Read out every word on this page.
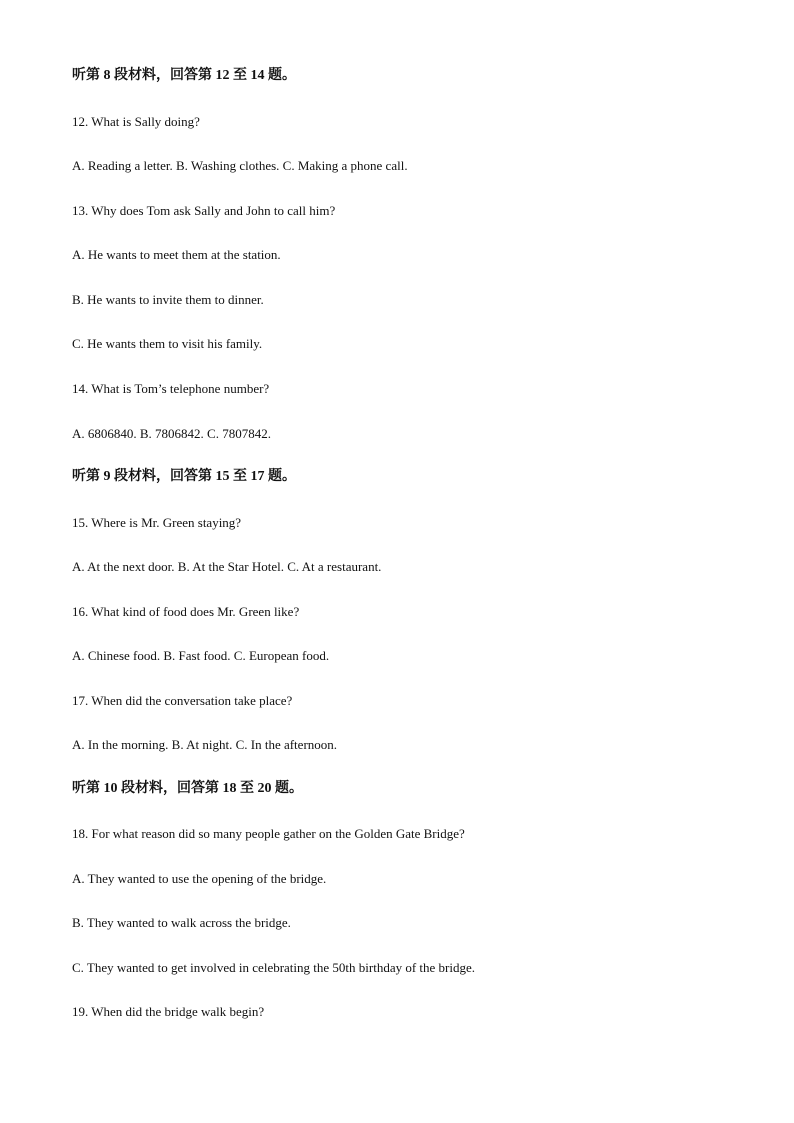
听第 8 段材料，回答第 12 至 14 题。
12. What is Sally doing?
A. Reading a letter. B. Washing clothes. C. Making a phone call.
13. Why does Tom ask Sally and John to call him?
A. He wants to meet them at the station.
B. He wants to invite them to dinner.
C. He wants them to visit his family.
14. What is Tom’s telephone number?
A. 6806840. B. 7806842. C. 7807842.
听第 9 段材料，回答第 15 至 17 题。
15. Where is Mr. Green staying?
A. At the next door. B. At the Star Hotel. C. At a restaurant.
16. What kind of food does Mr. Green like?
A. Chinese food. B. Fast food. C. European food.
17. When did the conversation take place?
A. In the morning. B. At night. C. In the afternoon.
听第 10 段材料，回答第 18 至 20 题。
18. For what reason did so many people gather on the Golden Gate Bridge?
A. They wanted to use the opening of the bridge.
B. They wanted to walk across the bridge.
C. They wanted to get involved in celebrating the 50th birthday of the bridge.
19. When did the bridge walk begin?
